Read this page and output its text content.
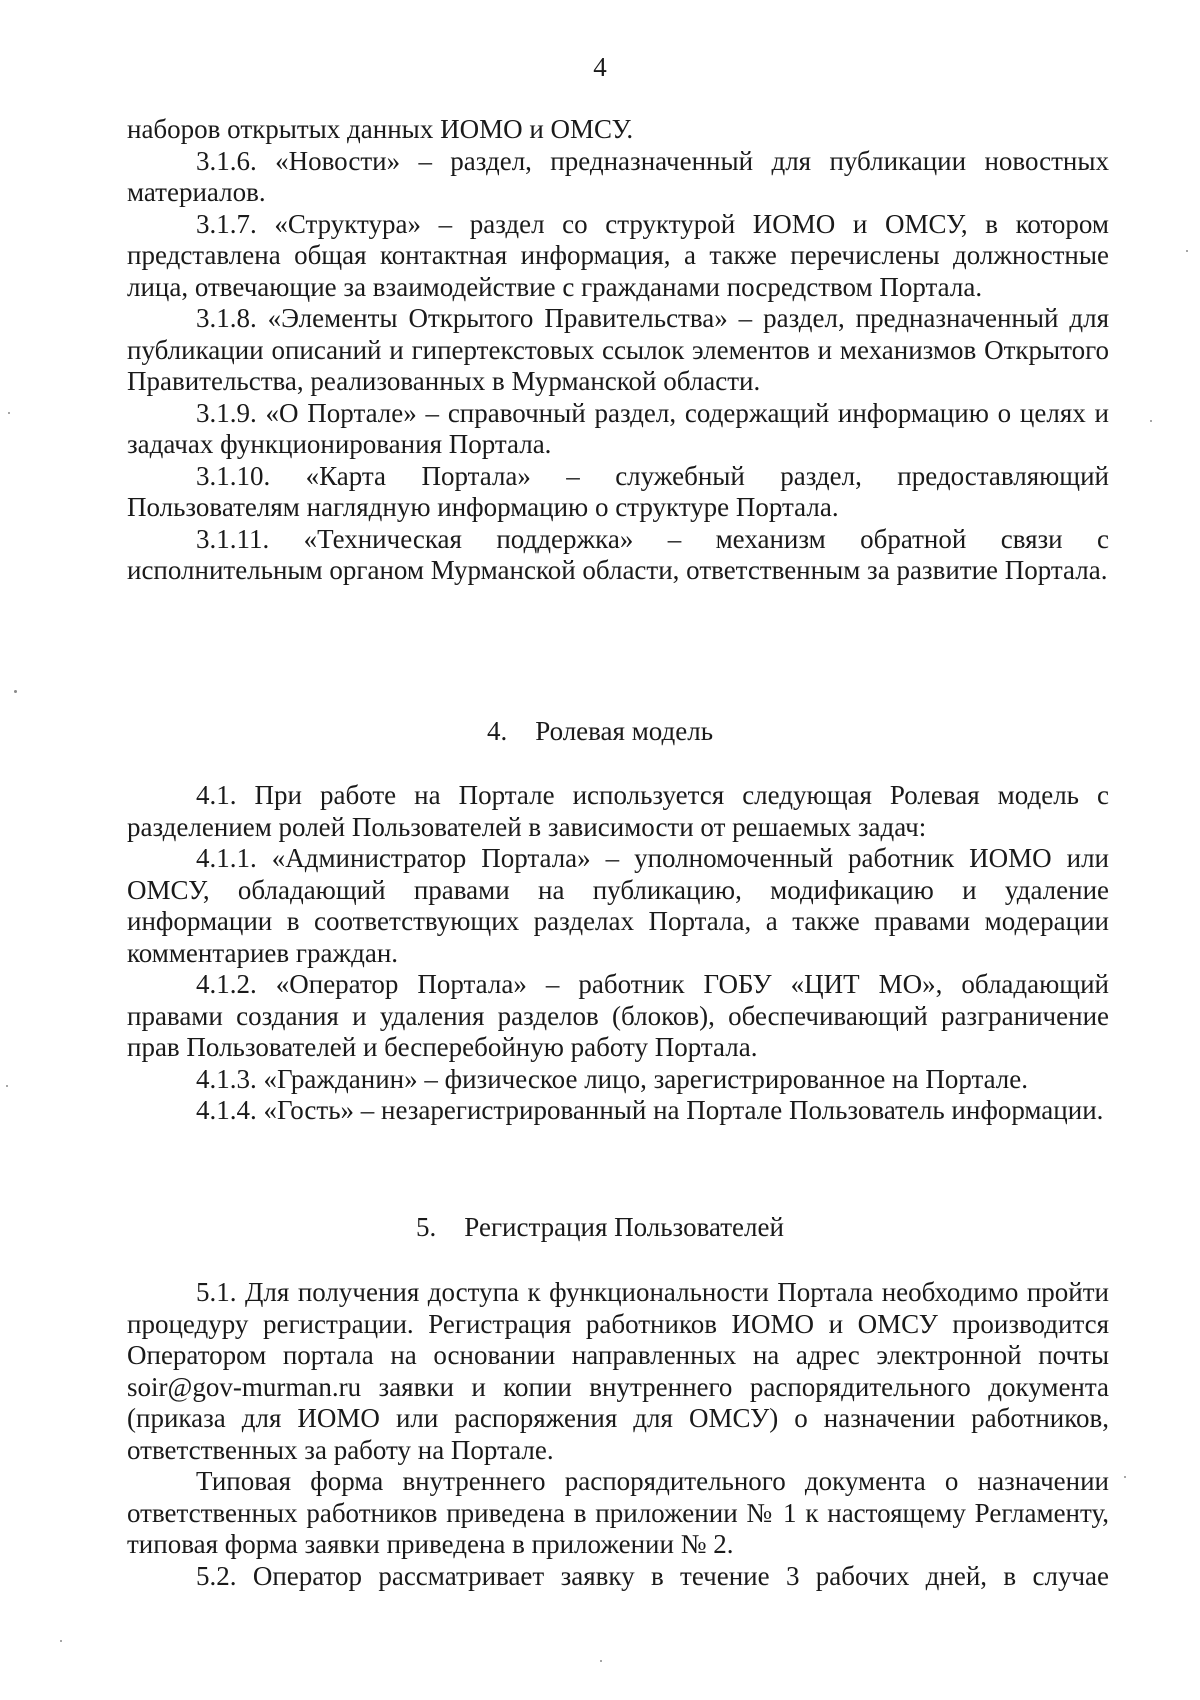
4

наборов открытых данных ИОМО и ОМСУ.

3.1.6. «Новости» – раздел, предназначенный для публикации новостных материалов.

3.1.7. «Структура» – раздел со структурой ИОМО и ОМСУ, в котором представлена общая контактная информация, а также перечислены должностные лица, отвечающие за взаимодействие с гражданами посредством Портала.

3.1.8. «Элементы Открытого Правительства» – раздел, предназначенный для публикации описаний и гипертекстовых ссылок элементов и механизмов Открытого Правительства, реализованных в Мурманской области.

3.1.9. «О Портале» – справочный раздел, содержащий информацию о целях и задачах функционирования Портала.

3.1.10. «Карта Портала» – служебный раздел, предоставляющий Пользователям наглядную информацию о структуре Портала.

3.1.11. «Техническая поддержка» – механизм обратной связи с исполнительным органом Мурманской области, ответственным за развитие Портала.

4. Ролевая модель

4.1. При работе на Портале используется следующая Ролевая модель с разделением ролей Пользователей в зависимости от решаемых задач:

4.1.1. «Администратор Портала» – уполномоченный работник ИОМО или ОМСУ, обладающий правами на публикацию, модификацию и удаление информации в соответствующих разделах Портала, а также правами модерации комментариев граждан.

4.1.2. «Оператор Портала» – работник ГОБУ «ЦИТ МО», обладающий правами создания и удаления разделов (блоков), обеспечивающий разграничение прав Пользователей и бесперебойную работу Портала.

4.1.3. «Гражданин» – физическое лицо, зарегистрированное на Портале.

4.1.4. «Гость» – незарегистрированный на Портале Пользователь информации.

5. Регистрация Пользователей

5.1. Для получения доступа к функциональности Портала необходимо пройти процедуру регистрации. Регистрация работников ИОМО и ОМСУ производится Оператором портала на основании направленных на адрес электронной почты soir@gov-murman.ru заявки и копии внутреннего распорядительного документа (приказа для ИОМО или распоряжения для ОМСУ) о назначении работников, ответственных за работу на Портале.

Типовая форма внутреннего распорядительного документа о назначении ответственных работников приведена в приложении № 1 к настоящему Регламенту, типовая форма заявки приведена в приложении № 2.

5.2. Оператор рассматривает заявку в течение 3 рабочих дней, в случае
